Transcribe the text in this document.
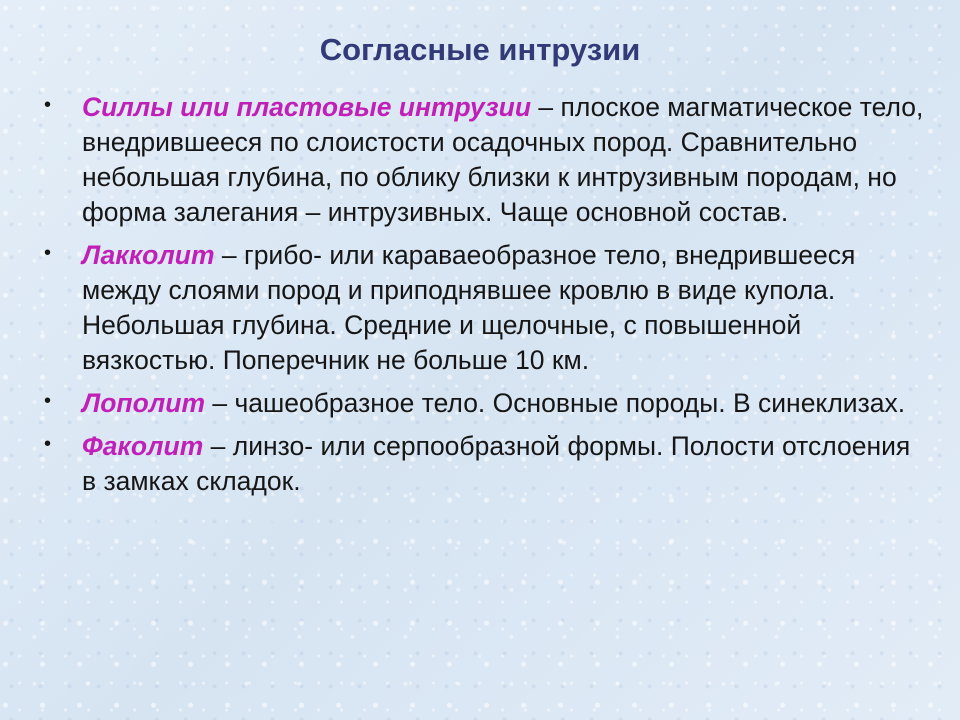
Согласные интрузии
• Силлы или пластовые интрузии – плоское магматическое тело, внедрившееся по слоистости осадочных пород. Сравнительно небольшая глубина, по облику близки к интрузивным породам, но форма залегания – интрузивных. Чаще основной состав.
• Лакколит – грибо- или караваеобразное тело, внедрившееся между слоями пород и приподнявшее кровлю в виде купола. Небольшая глубина. Средние и щелочные, с повышенной вязкостью. Поперечник не больше 10 км.
• Лополит – чашеобразное тело. Основные породы. В синеклизах.
• Факолит – линзо- или серпообразной формы. Полости отслоения в замках складок.
